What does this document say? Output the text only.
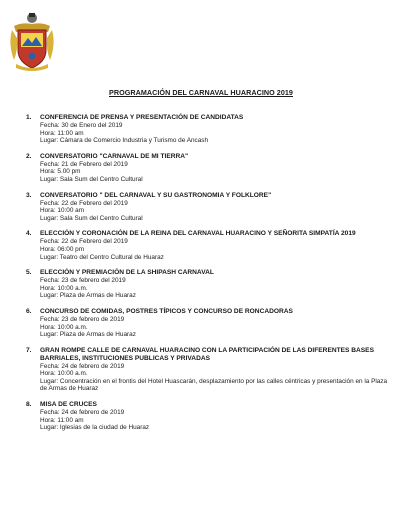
PROGRAMACIÓN DEL CARNAVAL HUARACINO 2019
1. CONFERENCIA DE PRENSA Y PRESENTACIÓN DE CANDIDATAS
Fecha: 30 de Enero del 2019
Hora: 11:00 am
Lugar: Cámara de Comercio Industria y Turismo de Ancash
2. CONVERSATORIO "CARNAVAL DE MI TIERRA"
Fecha: 21 de Febrero del 2019
Hora: 5.00 pm
Lugar: Sala Sum del Centro Cultural
3. CONVERSATORIO " DEL CARNAVAL Y SU GASTRONOMIA Y FOLKLORE"
Fecha: 22 de Febrero del 2019
Hora: 10:00 am
Lugar: Sala Sum del Centro Cultural
4. ELECCIÓN Y CORONACIÓN DE LA REINA DEL CARNAVAL HUARACINO Y SEÑORITA SIMPATÍA 2019
Fecha: 22 de Febrero del 2019
Hora: 06:00 pm
Lugar: Teatro del Centro Cultural de Huaraz
5. ELECCIÓN Y PREMIACIÓN DE LA SHIPASH CARNAVAL
Fecha: 23 de febrero del 2019
Hora: 10:00 a.m.
Lugar: Plaza de Armas de Huaraz
6. CONCURSO DE COMIDAS, POSTRES TÍPICOS Y CONCURSO DE RONCADORAS
Fecha: 23 de febrero de 2019
Hora: 10:00 a.m.
Lugar: Plaza de Armas de Huaraz
7. GRAN ROMPE CALLE DE CARNAVAL HUARACINO CON LA PARTICIPACIÓN DE LAS DIFERENTES BASES BARRIALES, INSTITUCIONES PUBLICAS Y PRIVADAS
Fecha: 24 de febrero de 2019
Hora: 10:00 a.m.
Lugar: Concentración en el frontis del Hotel Huascarán, desplazamiento por las calles céntricas y presentación en la Plaza de Armas de Huaraz
8. MISA DE CRUCES
Fecha: 24 de febrero de 2019
Hora: 11:00 am
Lugar: Iglesias de la ciudad de Huaraz
